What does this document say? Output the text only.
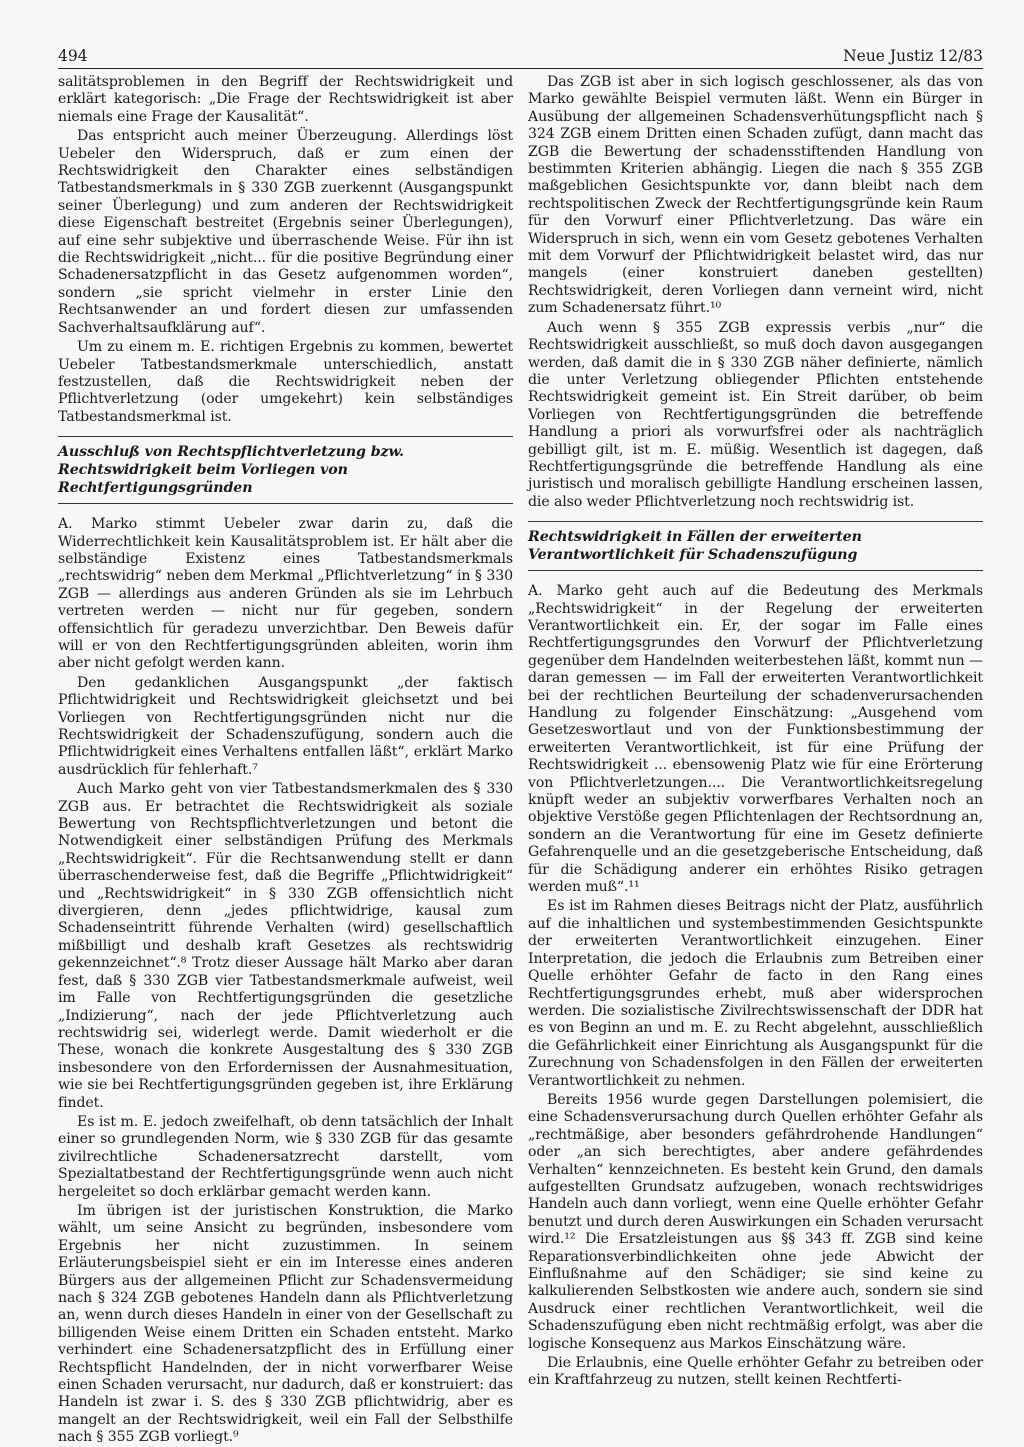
494	Neue Justiz 12/83

salitätsproblemen in den Begriff der Rechtswidrigkeit und erklärt kategorisch: „Die Frage der Rechtswidrigkeit ist aber niemals eine Frage der Kausalität“.

Das entspricht auch meiner Überzeugung. Allerdings löst Uebeler den Widerspruch, daß er zum einen der Rechtswidrigkeit den Charakter eines selbständigen Tatbestandsmerkmals in § 330 ZGB zuerkennt (Ausgangspunkt seiner Überlegung) und zum anderen der Rechtswidrigkeit diese Eigenschaft bestreitet (Ergebnis seiner Überlegungen), auf eine sehr subjektive und überraschende Weise. Für ihn ist die Rechtswidrigkeit „nicht... für die positive Begründung einer Schadenersatzpflicht in das Gesetz aufgenommen worden“, sondern „sie spricht vielmehr in erster Linie den Rechtsanwender an und fordert diesen zur umfassenden Sachverhaltsaufklärung auf“.

Um zu einem m. E. richtigen Ergebnis zu kommen, bewertet Uebeler Tatbestandsmerkmale unterschiedlich, anstatt festzustellen, daß die Rechtswidrigkeit neben der Pflichtverletzung (oder umgekehrt) kein selbständiges Tatbestandsmerkmal ist.

Ausschluß von Rechtspflichtverletzung bzw. Rechtswidrigkeit beim Vorliegen von Rechtfertigungsgründen

A. Marko stimmt Uebeler zwar darin zu, daß die Widerrechtlichkeit kein Kausalitätsproblem ist. Er hält aber die selbständige Existenz eines Tatbestandsmerkmals „rechtswidrig“ neben dem Merkmal „Pflichtverletzung“ in § 330 ZGB — allerdings aus anderen Gründen als sie im Lehrbuch vertreten werden — nicht nur für gegeben, sondern offensichtlich für geradezu unverzichtbar. Den Beweis dafür will er von den Rechtfertigungsgründen ableiten, worin ihm aber nicht gefolgt werden kann.

Den gedanklichen Ausgangspunkt „der faktisch Pflichtwidrigkeit und Rechtswidrigkeit gleichsetzt und bei Vorliegen von Rechtfertigungsgründen nicht nur die Rechtswidrigkeit der Schadenszufügung, sondern auch die Pflichtwidrigkeit eines Verhaltens entfallen läßt“, erklärt Marko ausdrücklich für fehlerhaft.⁷

Auch Marko geht von vier Tatbestandsmerkmalen des § 330 ZGB aus. Er betrachtet die Rechtswidrigkeit als soziale Bewertung von Rechtspflichtverletzungen und betont die Notwendigkeit einer selbständigen Prüfung des Merkmals „Rechtswidrigkeit“. Für die Rechtsanwendung stellt er dann überraschenderweise fest, daß die Begriffe „Pflichtwidrigkeit“ und „Rechtswidrigkeit“ in § 330 ZGB offensichtlich nicht divergieren, denn „jedes pflichtwidrige, kausal zum Schadenseintritt führende Verhalten (wird) gesellschaftlich mißbilligt und deshalb kraft Gesetzes als rechtswidrig gekennzeichnet“.⁸ Trotz dieser Aussage hält Marko aber daran fest, daß § 330 ZGB vier Tatbestandsmerkmale aufweist, weil im Falle von Rechtfertigungsgründen die gesetzliche „Indizierung“, nach der jede Pflichtverletzung auch rechtswidrig sei, widerlegt werde. Damit wiederholt er die These, wonach die konkrete Ausgestaltung des § 330 ZGB insbesondere von den Erfordernissen der Ausnahmesituation, wie sie bei Rechtfertigungsgründen gegeben ist, ihre Erklärung findet.

Es ist m. E. jedoch zweifelhaft, ob denn tatsächlich der Inhalt einer so grundlegenden Norm, wie § 330 ZGB für das gesamte zivilrechtliche Schadenersatzrecht darstellt, vom Spezialtatbestand der Rechtfertigungsgründe wenn auch nicht hergeleitet so doch erklärbar gemacht werden kann.

Im übrigen ist der juristischen Konstruktion, die Marko wählt, um seine Ansicht zu begründen, insbesondere vom Ergebnis her nicht zuzustimmen. In seinem Erläuterungsbeispiel sieht er ein im Interesse eines anderen Bürgers aus der allgemeinen Pflicht zur Schadensvermeidung nach § 324 ZGB gebotenes Handeln dann als Pflichtverletzung an, wenn durch dieses Handeln in einer von der Gesellschaft zu billigenden Weise einem Dritten ein Schaden entsteht. Marko verhindert eine Schadenersatzpflicht des in Erfüllung einer Rechtspflicht Handelnden, der in nicht vorwerfbarer Weise einen Schaden verursacht, nur dadurch, daß er konstruiert: das Handeln ist zwar i. S. des § 330 ZGB pflichtwidrig, aber es mangelt an der Rechtswidrigkeit, weil ein Fall der Selbsthilfe nach § 355 ZGB vorliegt.⁹

Das ZGB ist aber in sich logisch geschlossener, als das von Marko gewählte Beispiel vermuten läßt. Wenn ein Bürger in Ausübung der allgemeinen Schadensverhütungspflicht nach § 324 ZGB einem Dritten einen Schaden zufügt, dann macht das ZGB die Bewertung der schadensstiftenden Handlung von bestimmten Kriterien abhängig. Liegen die nach § 355 ZGB maßgeblichen Gesichtspunkte vor, dann bleibt nach dem rechtspolitischen Zweck der Rechtfertigungsgründe kein Raum für den Vorwurf einer Pflichtverletzung. Das wäre ein Widerspruch in sich, wenn ein vom Gesetz gebotenes Verhalten mit dem Vorwurf der Pflichtwidrigkeit belastet wird, das nur mangels (einer konstruiert daneben gestellten) Rechtswidrigkeit, deren Vorliegen dann verneint wird, nicht zum Schadenersatz führt.¹⁰

Auch wenn § 355 ZGB expressis verbis „nur“ die Rechtswidrigkeit ausschließt, so muß doch davon ausgegangen werden, daß damit die in § 330 ZGB näher definierte, nämlich die unter Verletzung obliegender Pflichten entstehende Rechtswidrigkeit gemeint ist. Ein Streit darüber, ob beim Vorliegen von Rechtfertigungsgründen die betreffende Handlung a priori als vorwurfsfrei oder als nachträglich gebilligt gilt, ist m. E. müßig. Wesentlich ist dagegen, daß Rechtfertigungsgründe die betreffende Handlung als eine juristisch und moralisch gebilligte Handlung erscheinen lassen, die also weder Pflichtverletzung noch rechtswidrig ist.

Rechtswidrigkeit in Fällen der erweiterten Verantwortlichkeit für Schadenszufügung

A. Marko geht auch auf die Bedeutung des Merkmals „Rechtswidrigkeit“ in der Regelung der erweiterten Verantwortlichkeit ein. Er, der sogar im Falle eines Rechtfertigungsgrundes den Vorwurf der Pflichtverletzung gegenüber dem Handelnden weiterbestehen läßt, kommt nun — daran gemessen — im Fall der erweiterten Verantwortlichkeit bei der rechtlichen Beurteilung der schadenverursachenden Handlung zu folgender Einschätzung: „Ausgehend vom Gesetzeswortlaut und von der Funktionsbestimmung der erweiterten Verantwortlichkeit, ist für eine Prüfung der Rechtswidrigkeit ... ebensowenig Platz wie für eine Erörterung von Pflichtverletzungen.... Die Verantwortlichkeitsregelung knüpft weder an subjektiv vorwerfbares Verhalten noch an objektive Verstöße gegen Pflichtenlagen der Rechtsordnung an, sondern an die Verantwortung für eine im Gesetz definierte Gefahrenquelle und an die gesetzgeberische Entscheidung, daß für die Schädigung anderer ein erhöhtes Risiko getragen werden muß“.¹¹

Es ist im Rahmen dieses Beitrags nicht der Platz, ausführlich auf die inhaltlichen und systembestimmenden Gesichtspunkte der erweiterten Verantwortlichkeit einzugehen. Einer Interpretation, die jedoch die Erlaubnis zum Betreiben einer Quelle erhöhter Gefahr de facto in den Rang eines Rechtfertigungsgrundes erhebt, muß aber widersprochen werden. Die sozialistische Zivilrechtswissenschaft der DDR hat es von Beginn an und m. E. zu Recht abgelehnt, ausschließlich die Gefährlichkeit einer Einrichtung als Ausgangspunkt für die Zurechnung von Schadensfolgen in den Fällen der erweiterten Verantwortlichkeit zu nehmen.

Bereits 1956 wurde gegen Darstellungen polemisiert, die eine Schadensverursachung durch Quellen erhöhter Gefahr als „rechtmäßige, aber besonders gefährdrohende Handlungen“ oder „an sich berechtigtes, aber andere gefährdendes Verhalten“ kennzeichneten. Es besteht kein Grund, den damals aufgestellten Grundsatz aufzugeben, wonach rechtswidriges Handeln auch dann vorliegt, wenn eine Quelle erhöhter Gefahr benutzt und durch deren Auswirkungen ein Schaden verursacht wird.¹² Die Ersatzleistungen aus §§ 343 ff. ZGB sind keine Reparationsverbindlichkeiten ohne jede Abwicht der Einflußnahme auf den Schädiger; sie sind keine zu kalkulierenden Selbstkosten wie andere auch, sondern sie sind Ausdruck einer rechtlichen Verantwortlichkeit, weil die Schadenszufügung eben nicht rechtmäßig erfolgt, was aber die logische Konsequenz aus Markos Einschätzung wäre.

Die Erlaubnis, eine Quelle erhöhter Gefahr zu betreiben oder ein Kraftfahrzeug zu nutzen, stellt keinen Rechtferti-
